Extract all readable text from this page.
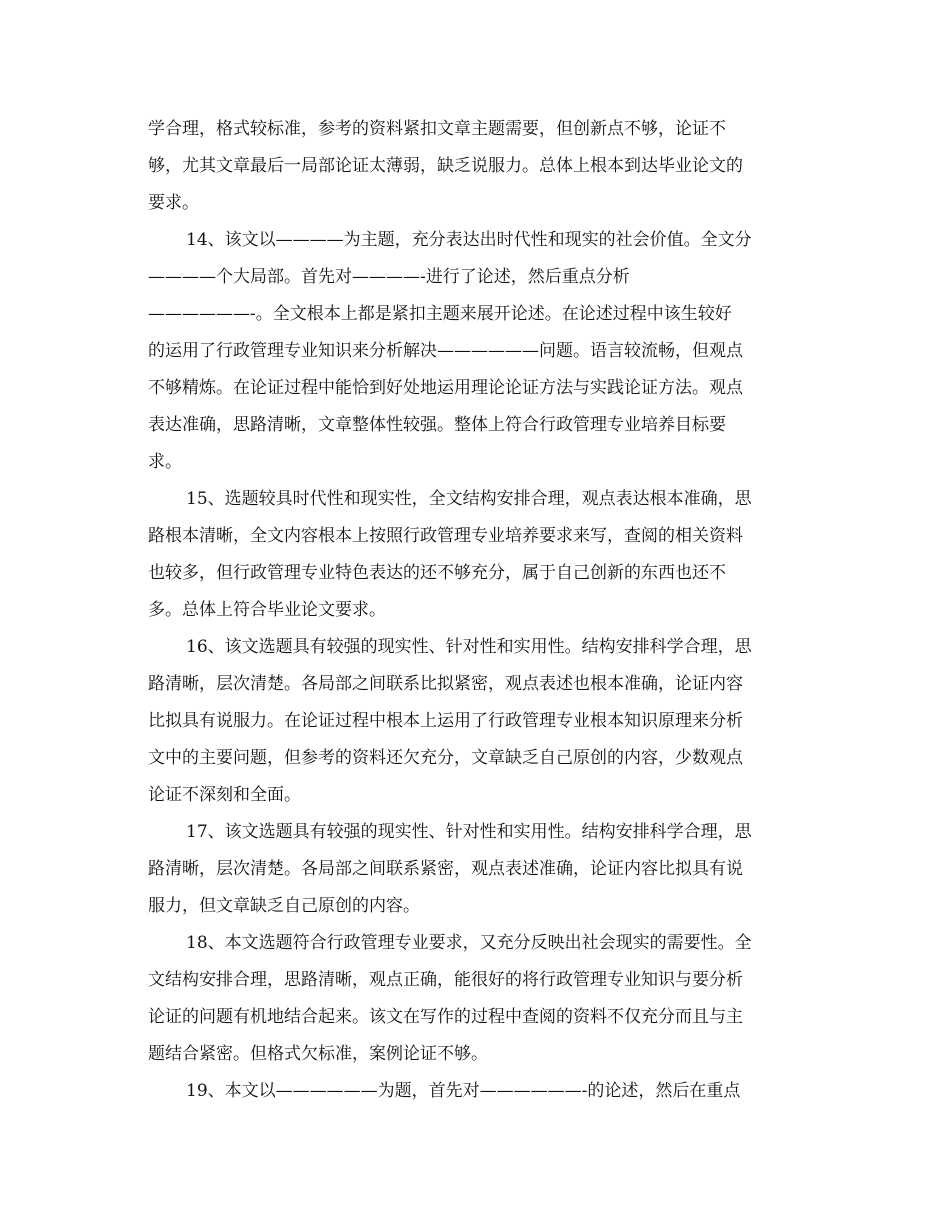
学合理，格式较标准，参考的资料紧扣文章主题需要，但创新点不够，论证不

够，尤其文章最后一局部论证太薄弱，缺乏说服力。总体上根本到达毕业论文的

要求。

14、该文以————为主题，充分表达出时代性和现实的社会价值。全文分

————个大局部。首先对————-进行了论述，然后重点分析

——————-。全文根本上都是紧扣主题来展开论述。在论述过程中该生较好

的运用了行政管理专业知识来分析解决——————问题。语言较流畅，但观点

不够精炼。在论证过程中能恰到好处地运用理论论证方法与实践论证方法。观点

表达准确，思路清晰，文章整体性较强。整体上符合行政管理专业培养目标要

求。

15、选题较具时代性和现实性，全文结构安排合理，观点表达根本准确，思

路根本清晰，全文内容根本上按照行政管理专业培养要求来写，查阅的相关资料

也较多，但行政管理专业特色表达的还不够充分，属于自己创新的东西也还不

多。总体上符合毕业论文要求。

16、该文选题具有较强的现实性、针对性和实用性。结构安排科学合理，思

路清晰，层次清楚。各局部之间联系比拟紧密，观点表述也根本准确，论证内容

比拟具有说服力。在论证过程中根本上运用了行政管理专业根本知识原理来分析

文中的主要问题，但参考的资料还欠充分，文章缺乏自己原创的内容，少数观点

论证不深刻和全面。

17、该文选题具有较强的现实性、针对性和实用性。结构安排科学合理，思

路清晰，层次清楚。各局部之间联系紧密，观点表述准确，论证内容比拟具有说

服力，但文章缺乏自己原创的内容。

18、本文选题符合行政管理专业要求，又充分反映出社会现实的需要性。全

文结构安排合理，思路清晰，观点正确，能很好的将行政管理专业知识与要分析

论证的问题有机地结合起来。该文在写作的过程中查阅的资料不仅充分而且与主

题结合紧密。但格式欠标准，案例论证不够。

19、本文以——————为题，首先对——————-的论述，然后在重点
